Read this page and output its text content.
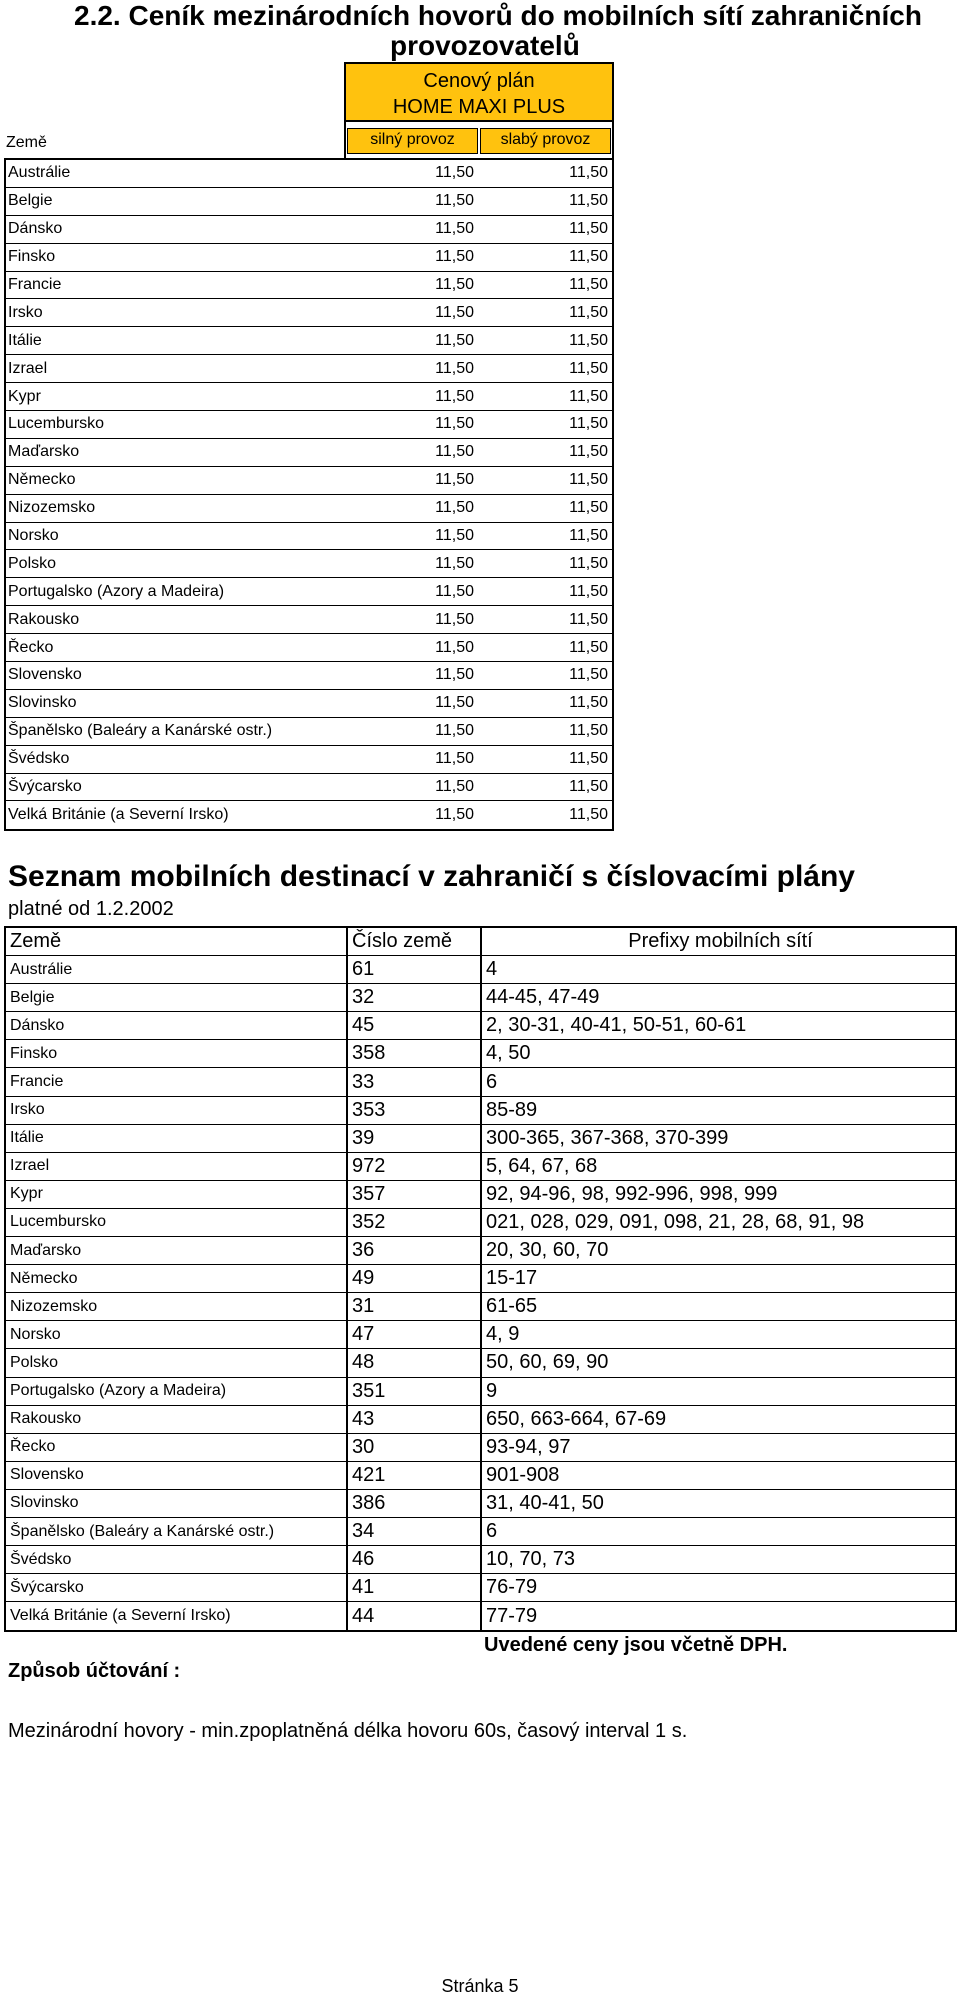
2.2. Ceník mezinárodních hovorů do mobilních sítí zahraničních
provozovatelů
Cenový plán
HOME MAXI PLUS
Země	silný provoz	slabý provoz
Austrálie	11,50	11,50
Belgie	11,50	11,50
Dánsko	11,50	11,50
Finsko	11,50	11,50
Francie	11,50	11,50
Irsko	11,50	11,50
Itálie	11,50	11,50
Izrael	11,50	11,50
Kypr	11,50	11,50
Lucembursko	11,50	11,50
Maďarsko	11,50	11,50
Německo	11,50	11,50
Nizozemsko	11,50	11,50
Norsko	11,50	11,50
Polsko	11,50	11,50
Portugalsko (Azory a Madeira)	11,50	11,50
Rakousko	11,50	11,50
Řecko	11,50	11,50
Slovensko	11,50	11,50
Slovinsko	11,50	11,50
Španělsko (Baleáry a Kanárské ostr.)	11,50	11,50
Švédsko	11,50	11,50
Švýcarsko	11,50	11,50
Velká Británie (a Severní Irsko)	11,50	11,50
Seznam mobilních destinací v zahraničí s číslovacími plány
platné od 1.2.2002
Země	Číslo země	Prefixy mobilních sítí
Austrálie	61	4
Belgie	32	44-45, 47-49
Dánsko	45	2, 30-31, 40-41, 50-51, 60-61
Finsko	358	4, 50
Francie	33	6
Irsko	353	85-89
Itálie	39	300-365, 367-368, 370-399
Izrael	972	5, 64, 67, 68
Kypr	357	92, 94-96, 98, 992-996, 998, 999
Lucembursko	352	021, 028, 029, 091, 098, 21, 28, 68, 91, 98
Maďarsko	36	20, 30, 60, 70
Německo	49	15-17
Nizozemsko	31	61-65
Norsko	47	4, 9
Polsko	48	50, 60, 69, 90
Portugalsko (Azory a Madeira)	351	9
Rakousko	43	650, 663-664, 67-69
Řecko	30	93-94, 97
Slovensko	421	901-908
Slovinsko	386	31, 40-41, 50
Španělsko (Baleáry a Kanárské ostr.)	34	6
Švédsko	46	10, 70, 73
Švýcarsko	41	76-79
Velká Británie (a Severní Irsko)	44	77-79
Uvedené ceny jsou včetně DPH.
Způsob účtování :
Mezinárodní hovory - min.zpoplatněná délka hovoru 60s, časový interval 1 s.
Stránka 5
